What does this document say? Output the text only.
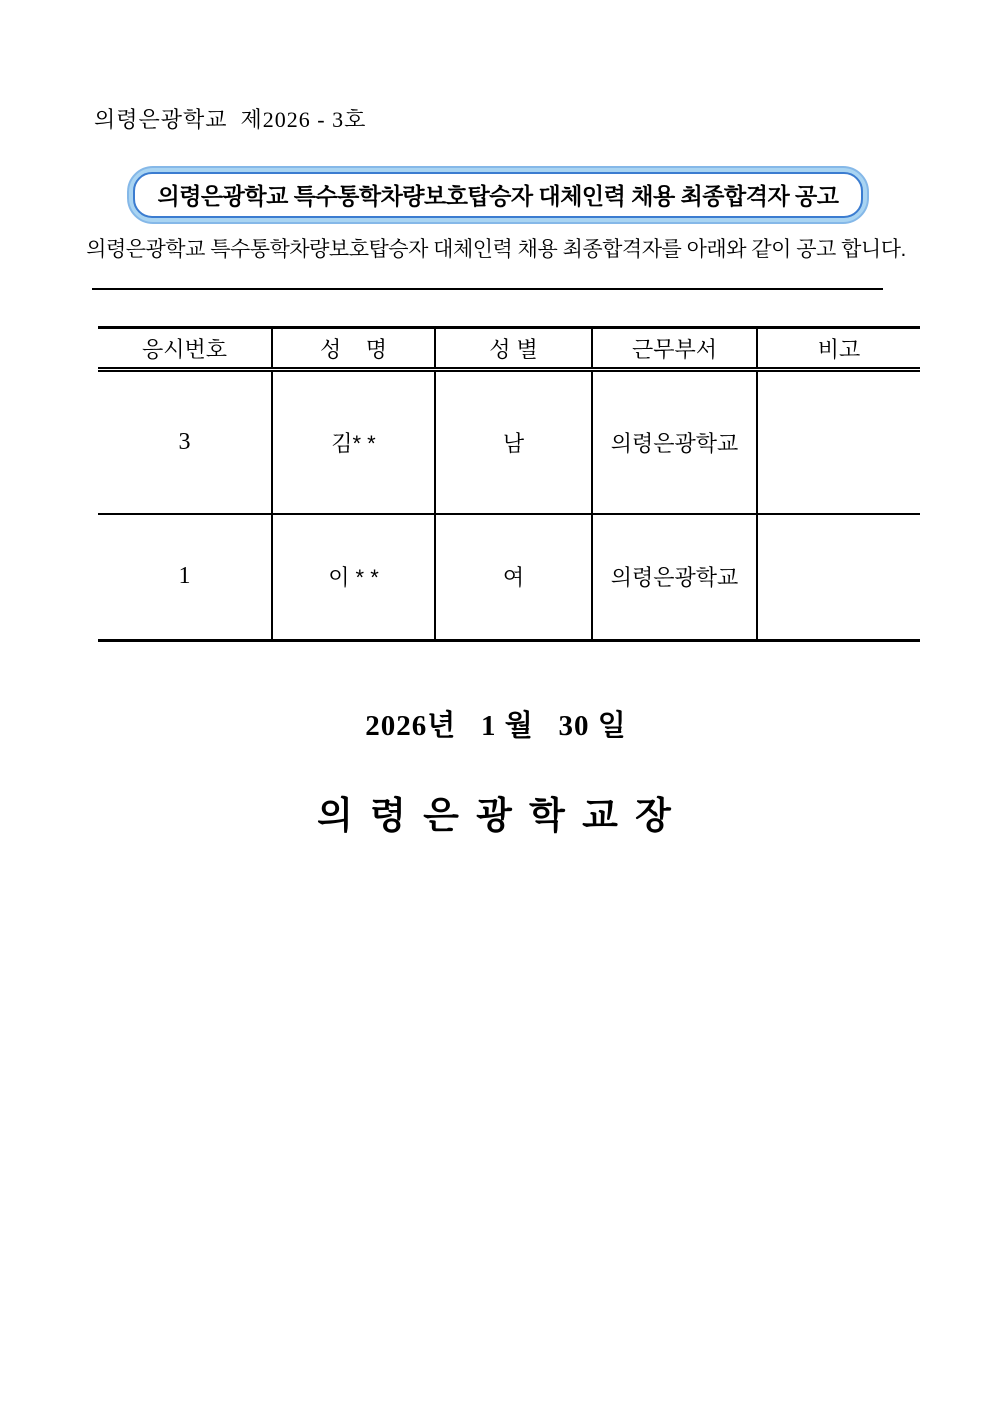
의령은광학교  제2026 - 3호
의령은광학교 특수통학차량보호탑승자 대체인력 채용 최종합격자 공고
의령은광학교 특수통학차량보호탑승자 대체인력 채용 최종합격자를 아래와 같이 공고 합니다.
응시번호	성    명	성 별	근무부서	비고
3	김* *	남	의령은광학교	
1	이 * *	여	의령은광학교	
2026년   1 월   30 일
의 령 은 광 학 교 장
